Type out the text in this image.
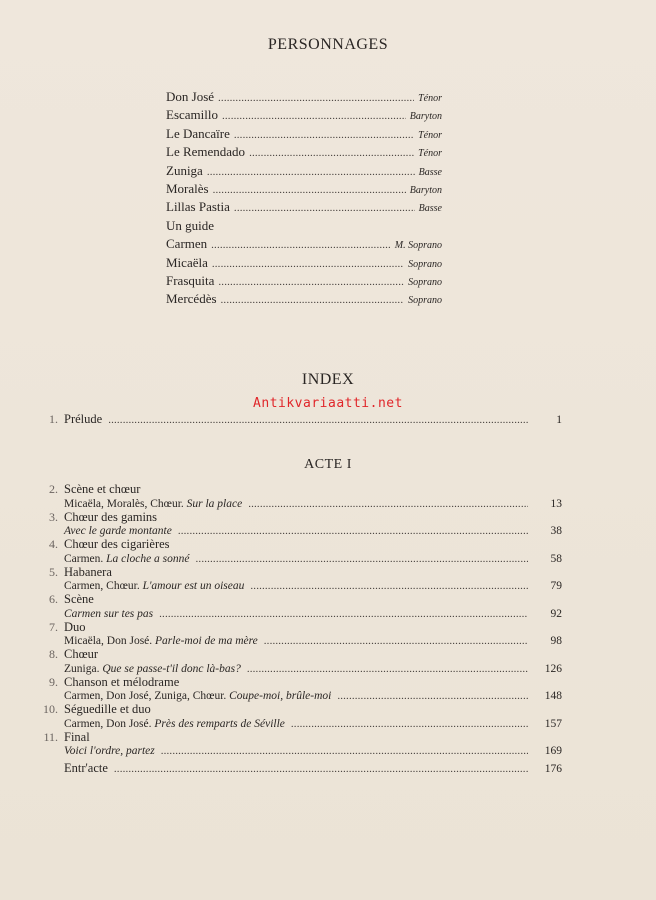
PERSONNAGES
Don José . . .	Ténor
Escamillo . . .	Baryton
Le Dancaïre . . .	Ténor
Le Remendado . . .	Ténor
Zuniga . . .	Basse
Moralès . . .	Baryton
Lillas Pastia . . .	Basse
Un guide
Carmen . . .	M. Soprano
Micaëla . . .	Soprano
Frasquita . . .	Soprano
Mercédès . . .	Soprano
INDEX
Antikvariaatti.net
1. Prélude . . .	1
ACTE I
2. Scène et chœur
Micaëla, Moralès, Chœur.
Sur la place . . .	13
3. Chœur des gamins
Avec le garde montante . . .	38
4. Chœur des cigarières
Carmen.
La cloche a sonné . . .	58
5. Habanera
Carmen, Chœur.
L'amour est un oiseau . . .	79
6. Scène
Carmen sur tes pas . . .	92
7. Duo
Micaëla, Don José.
Parle-moi de ma mère . . .	98
8. Chœur
Zuniga.
Que se passe-t'il donc là-bas? . . .	126
9. Chanson et mélodrame
Carmen, Don José, Zuniga, Chœur.
Coupe-moi, brûle-moi . . .	148
10. Séguedille et duo
Carmen, Don José.
Près des remparts de Séville . . .	157
11. Final
Voici l'ordre, partez . . .	169
Entr'acte . . .	176
